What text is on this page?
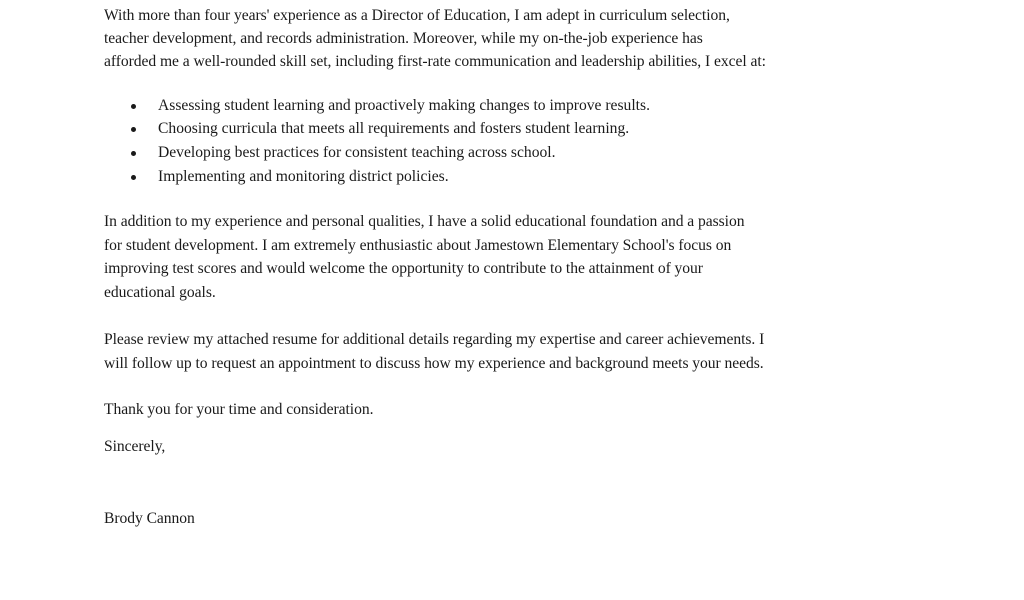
With more than four years' experience as a Director of Education, I am adept in curriculum selection,
teacher development, and records administration. Moreover, while my on-the-job experience has
afforded me a well-rounded skill set, including first-rate communication and leadership abilities, I excel at:
Assessing student learning and proactively making changes to improve results.
Choosing curricula that meets all requirements and fosters student learning.
Developing best practices for consistent teaching across school.
Implementing and monitoring district policies.
In addition to my experience and personal qualities, I have a solid educational foundation and a passion
for student development. I am extremely enthusiastic about Jamestown Elementary School's focus on
improving test scores and would welcome the opportunity to contribute to the attainment of your
educational goals.
Please review my attached resume for additional details regarding my expertise and career achievements. I
will follow up to request an appointment to discuss how my experience and background meets your needs.
Thank you for your time and consideration.
Sincerely,
Brody Cannon
